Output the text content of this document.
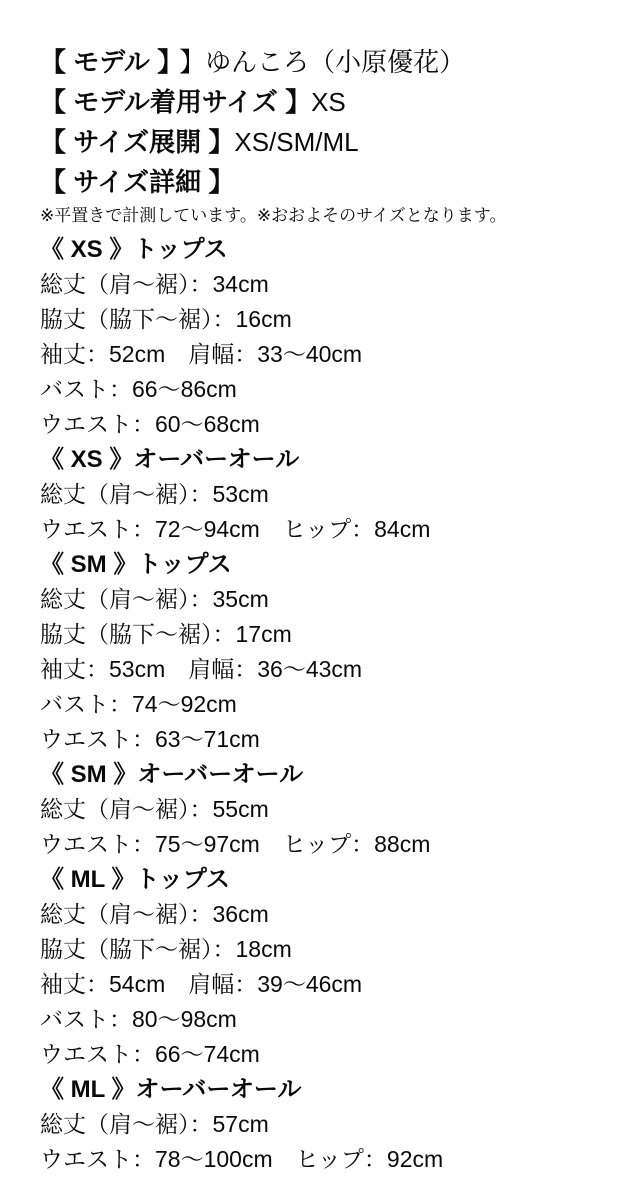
【 モデル 】 】ゆんころ（小原優花）
【 モデル着用サイズ 】XS
【 サイズ展開 】XS/SM/ML
【 サイズ詳細 】
※平置きで計測しています。※おおよそのサイズとなります。
《 XS 》トップス
総丈（肩〜裾）：34cm
脇丈（脇下〜裾）：16cm
袖丈：52cm　肩幅：33〜40cm
バスト：66〜86cm
ウエスト：60〜68cm
《 XS 》オーバーオール
総丈（肩〜裾）：53cm
ウエスト：72〜94cm　ヒップ：84cm
《 SM 》トップス
総丈（肩〜裾）：35cm
脇丈（脇下〜裾）：17cm
袖丈：53cm　肩幅：36〜43cm
バスト：74〜92cm
ウエスト：63〜71cm
《 SM 》オーバーオール
総丈（肩〜裾）：55cm
ウエスト：75〜97cm　ヒップ：88cm
《 ML 》トップス
総丈（肩〜裾）：36cm
脇丈（脇下〜裾）：18cm
袖丈：54cm　肩幅：39〜46cm
バスト：80〜98cm
ウエスト：66〜74cm
《 ML 》オーバーオール
総丈（肩〜裾）：57cm
ウエスト：78〜100cm　ヒップ：92cm
